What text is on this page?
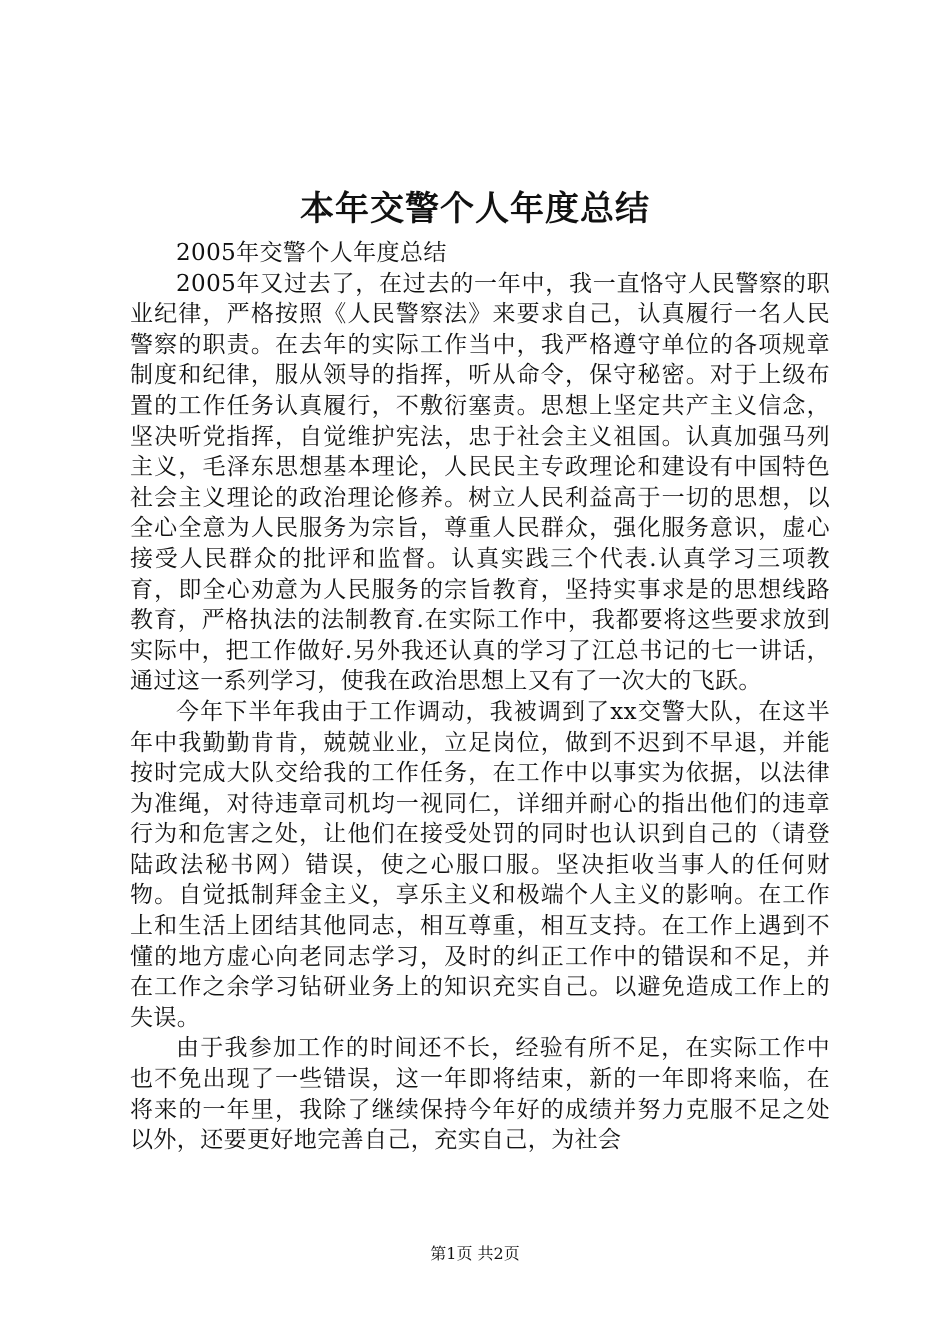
本年交警个人年度总结

2005年交警个人年度总结

2005年又过去了，在过去的一年中，我一直恪守人民警察的职业纪律，严格按照《人民警察法》来要求自己，认真履行一名人民警察的职责。在去年的实际工作当中，我严格遵守单位的各项规章制度和纪律，服从领导的指挥，听从命令，保守秘密。对于上级布置的工作任务认真履行，不敷衍塞责。思想上坚定共产主义信念，坚决听党指挥，自觉维护宪法，忠于社会主义祖国。认真加强马列主义，毛泽东思想基本理论，人民民主专政理论和建设有中国特色社会主义理论的政治理论修养。树立人民利益高于一切的思想，以全心全意为人民服务为宗旨，尊重人民群众，强化服务意识，虚心接受人民群众的批评和监督。认真实践三个代表.认真学习三项教育，即全心劝意为人民服务的宗旨教育，坚持实事求是的思想线路教育，严格执法的法制教育.在实际工作中，我都要将这些要求放到实际中，把工作做好.另外我还认真的学习了江总书记的七一讲话，通过这一系列学习，使我在政治思想上又有了一次大的飞跃。

今年下半年我由于工作调动，我被调到了xx交警大队，在这半年中我勤勤肯肯，兢兢业业，立足岗位，做到不迟到不早退，并能按时完成大队交给我的工作任务，在工作中以事实为依据，以法律为准绳，对待违章司机均一视同仁，详细并耐心的指出他们的违章行为和危害之处，让他们在接受处罚的同时也认识到自己的（请登陆政法秘书网）错误，使之心服口服。坚决拒收当事人的任何财物。自觉抵制拜金主义，享乐主义和极端个人主义的影响。在工作上和生活上团结其他同志，相互尊重，相互支持。在工作上遇到不懂的地方虚心向老同志学习，及时的纠正工作中的错误和不足，并在工作之余学习钻研业务上的知识充实自己。以避免造成工作上的失误。

由于我参加工作的时间还不长，经验有所不足，在实际工作中也不免出现了一些错误，这一年即将结束，新的一年即将来临，在将来的一年里，我除了继续保持今年好的成绩并努力克服不足之处以外，还要更好地完善自己，充实自己，为社会

第1页 共2页
